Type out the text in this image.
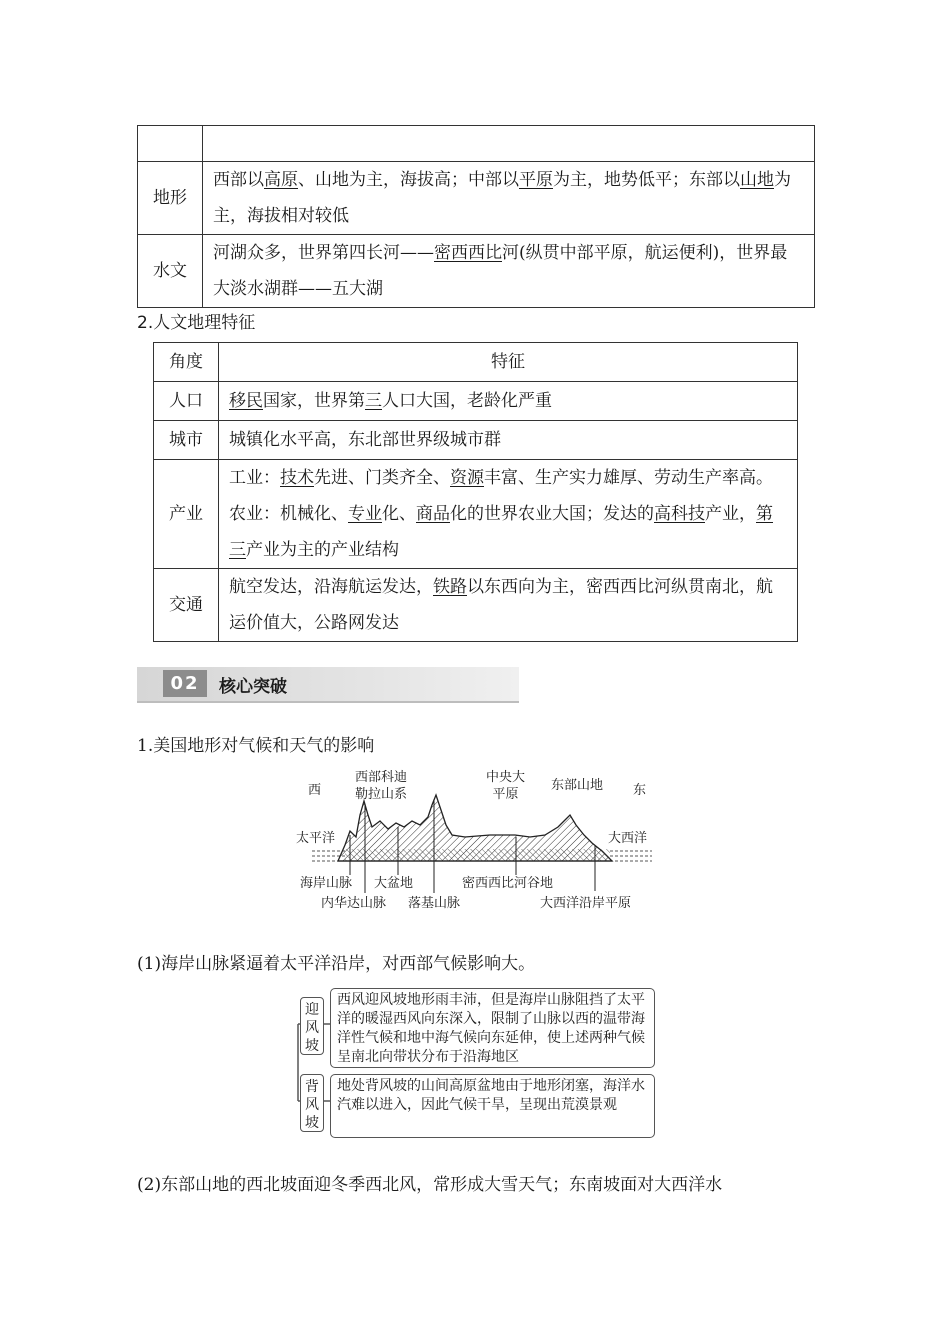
地形	西部以高原、山地为主，海拔高；中部以平原为主，地势低平；东部以山地为主，海拔相对较低
水文	河湖众多，世界第四长河——密西西比河(纵贯中部平原，航运便利)，世界最大淡水湖群——五大湖
2.人文地理特征
角度	特征
人口	移民国家，世界第三人口大国，老龄化严重
城市	城镇化水平高，东北部世界级城市群
产业	工业：技术先进、门类齐全、资源丰富、生产实力雄厚、劳动生产率高。
农业：机械化、专业化、商品化的世界农业大国；发达的高科技产业，第三产业为主的产业结构

交通	航空发达，沿海航运发达，铁路以东西向为主，密西西比河纵贯南北，航运价值大，公路网发达
02	核心突破
1.美国地形对气候和天气的影响
西	东
西部科迪
勒拉山系
中央大
平原
东部山地
太平洋	大西洋
海岸山脉 大盆地	密西西比河谷地
内华达山脉 落基山脉	大西洋沿岸平原
(1)海岸山脉紧逼着太平洋沿岸，对西部气候影响大。
迎风坡
西风迎风坡地形雨丰沛，但是海岸山脉阻挡了太平洋的暖湿西风向东深入，限制了山脉以西的温带海洋性气候和地中海气候向东延伸，使上述两种气候呈南北向带状分布于沿海地区
背风坡
地处背风坡的山间高原盆地由于地形闭塞，海洋水汽难以进入，因此气候干旱，呈现出荒漠景观
(2)东部山地的西北坡面迎冬季西北风，常形成大雪天气；东南坡面对大西洋水
